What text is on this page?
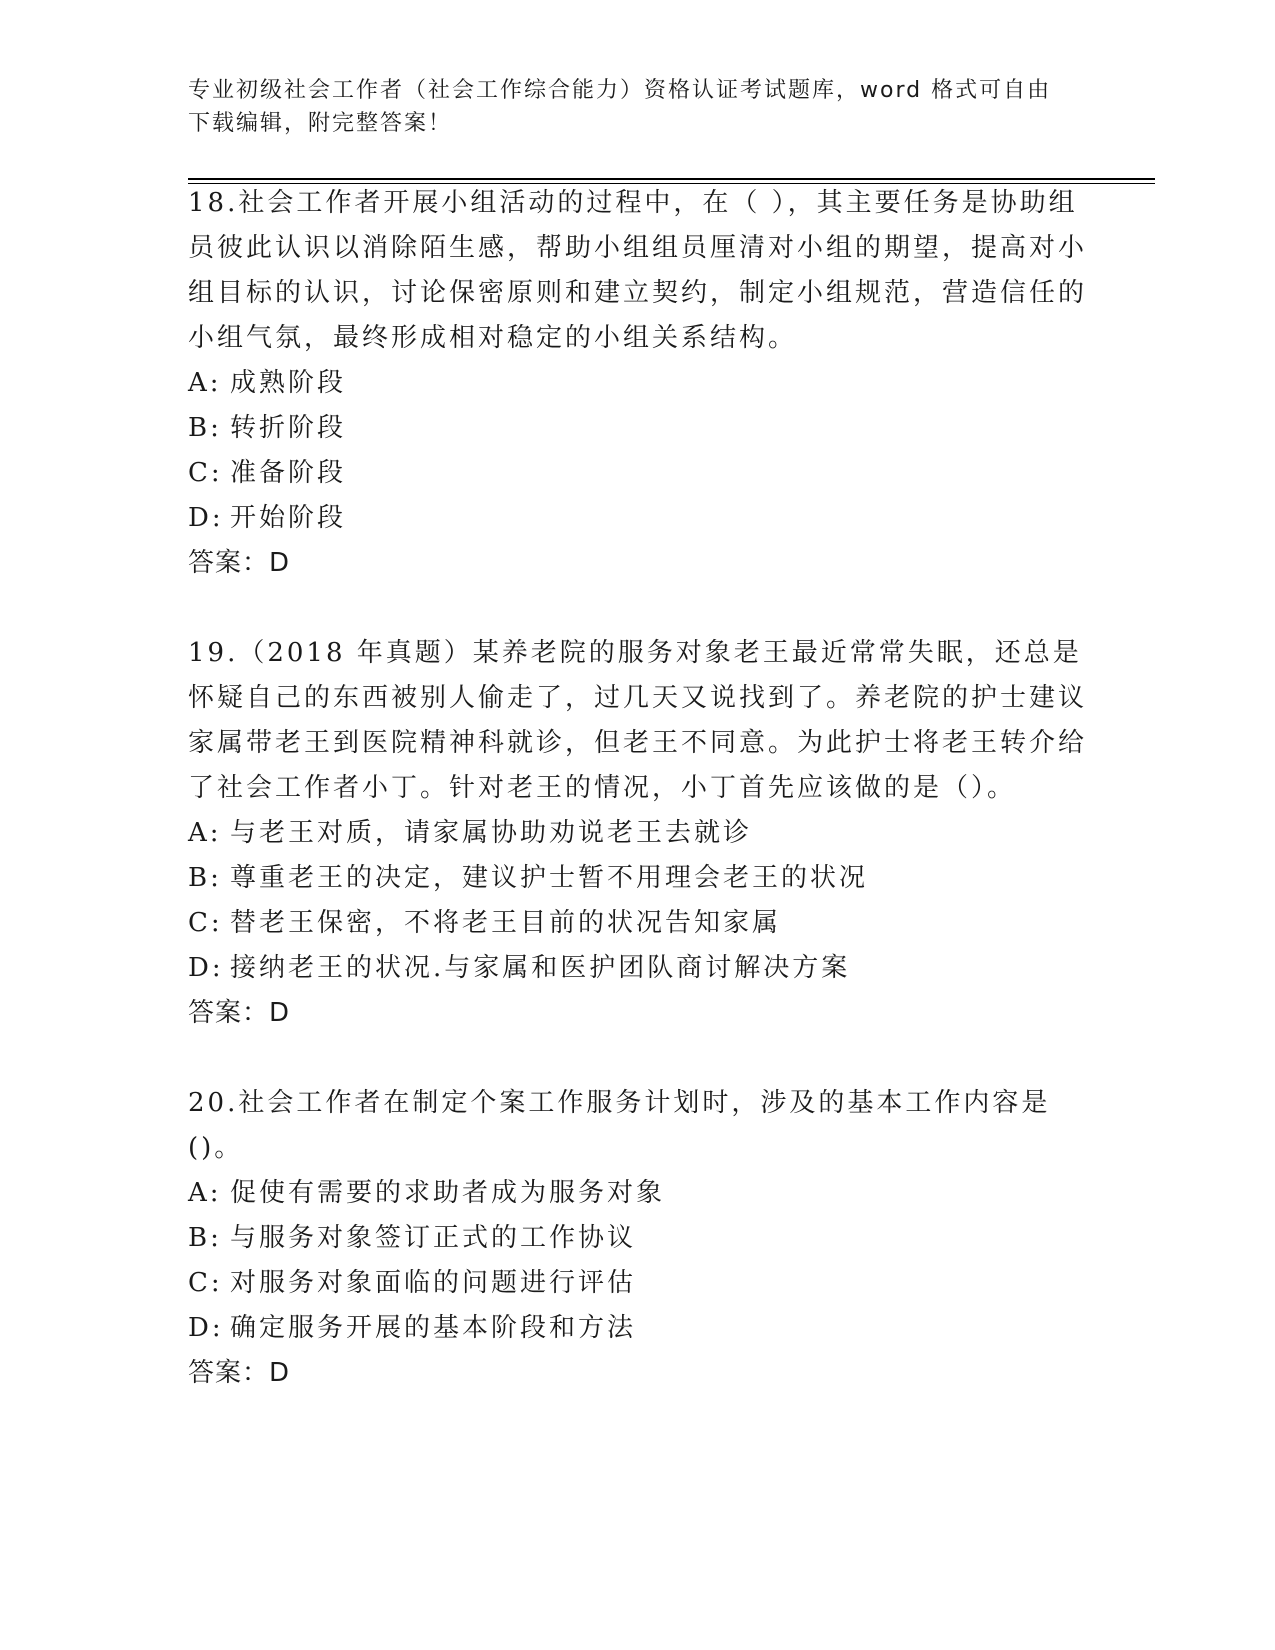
专业初级社会工作者（社会工作综合能力）资格认证考试题库，word 格式可自由下载编辑，附完整答案！
18.社会工作者开展小组活动的过程中，在（ ），其主要任务是协助组员彼此认识以消除陌生感，帮助小组组员厘清对小组的期望，提高对小组目标的认识，讨论保密原则和建立契约，制定小组规范，营造信任的小组气氛，最终形成相对稳定的小组关系结构。
A: 成熟阶段
B: 转折阶段
C: 准备阶段
D: 开始阶段
答案：D
19.（2018 年真题）某养老院的服务对象老王最近常常失眠，还总是怀疑自己的东西被别人偷走了，过几天又说找到了。养老院的护士建议家属带老王到医院精神科就诊，但老王不同意。为此护士将老王转介给了社会工作者小丁。针对老王的情况，小丁首先应该做的是（）。
A: 与老王对质，请家属协助劝说老王去就诊
B: 尊重老王的决定，建议护士暂不用理会老王的状况
C: 替老王保密，不将老王目前的状况告知家属
D: 接纳老王的状况.与家属和医护团队商讨解决方案
答案：D
20.社会工作者在制定个案工作服务计划时，涉及的基本工作内容是()。
A: 促使有需要的求助者成为服务对象
B: 与服务对象签订正式的工作协议
C: 对服务对象面临的问题进行评估
D: 确定服务开展的基本阶段和方法
答案：D
